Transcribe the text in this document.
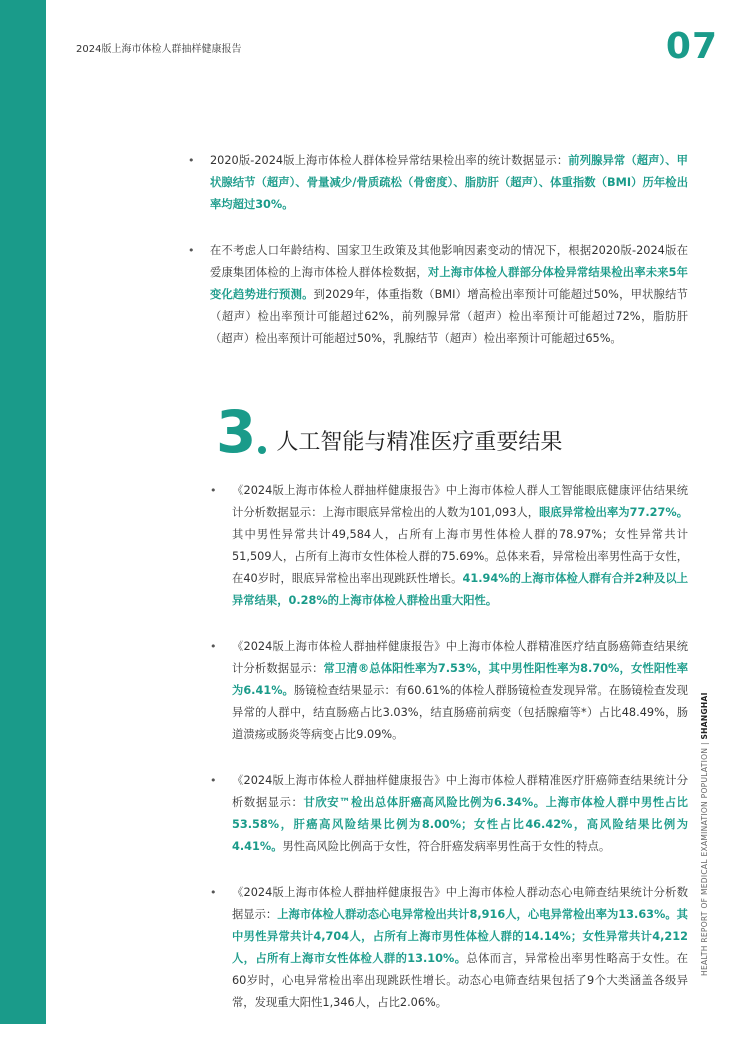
2024版上海市体检人群抽样健康报告	07
• 2020版-2024版上海市体检人群体检异常结果检出率的统计数据显示：前列腺异常（超声）、甲状腺结节（超声）、骨量减少/骨质疏松（骨密度）、脂肪肝（超声）、体重指数（BMI）历年检出率均超过30%。
• 在不考虑人口年龄结构、国家卫生政策及其他影响因素变动的情况下，根据2020版-2024版在爱康集团体检的上海市体检人群体检数据，对上海市体检人群部分体检异常结果检出率未来5年变化趋势进行预测。到2029年，体重指数（BMI）增高检出率预计可能超过50%，甲状腺结节（超声）检出率预计可能超过62%，前列腺异常（超声）检出率预计可能超过72%，脂肪肝（超声）检出率预计可能超过50%，乳腺结节（超声）检出率预计可能超过65%。
3 人工智能与精准医疗重要结果
• 《2024版上海市体检人群抽样健康报告》中上海市体检人群人工智能眼底健康评估结果统计分析数据显示：上海市眼底异常检出的人数为101,093人，眼底异常检出率为77.27%。其中男性异常共计49,584人，占所有上海市男性体检人群的78.97%；女性异常共计51,509人，占所有上海市女性体检人群的75.69%。总体来看，异常检出率男性高于女性，在40岁时，眼底异常检出率出现跳跃性增长。41.94%的上海市体检人群有合并2种及以上异常结果，0.28%的上海市体检人群检出重大阳性。
• 《2024版上海市体检人群抽样健康报告》中上海市体检人群精准医疗结直肠癌筛查结果统计分析数据显示：常卫清®总体阳性率为7.53%，其中男性阳性率为8.70%，女性阳性率为6.41%。肠镜检查结果显示：有60.61%的体检人群肠镜检查发现异常。在肠镜检查发现异常的人群中，结直肠癌占比3.03%，结直肠癌前病变（包括腺瘤等*）占比48.49%，肠道溃疡或肠炎等病变占比9.09%。
• 《2024版上海市体检人群抽样健康报告》中上海市体检人群精准医疗肝癌筛查结果统计分析数据显示：甘欣安™检出总体肝癌高风险比例为6.34%。上海市体检人群中男性占比53.58%，肝癌高风险结果比例为8.00%；女性占比46.42%，高风险结果比例为4.41%。男性高风险比例高于女性，符合肝癌发病率男性高于女性的特点。
• 《2024版上海市体检人群抽样健康报告》中上海市体检人群动态心电筛查结果统计分析数据显示：上海市体检人群动态心电异常检出共计8,916人，心电异常检出率为13.63%。其中男性异常共计4,704人，占所有上海市男性体检人群的14.14%；女性异常共计4,212人，占所有上海市女性体检人群的13.10%。总体而言，异常检出率男性略高于女性。在60岁时，心电异常检出率出现跳跃性增长。动态心电筛查结果包括了9个大类涵盖各级异常，发现重大阳性1,346人，占比2.06%。
HEALTH REPORT OF MEDICAL EXAMINATION POPULATION | SHANGHAI
